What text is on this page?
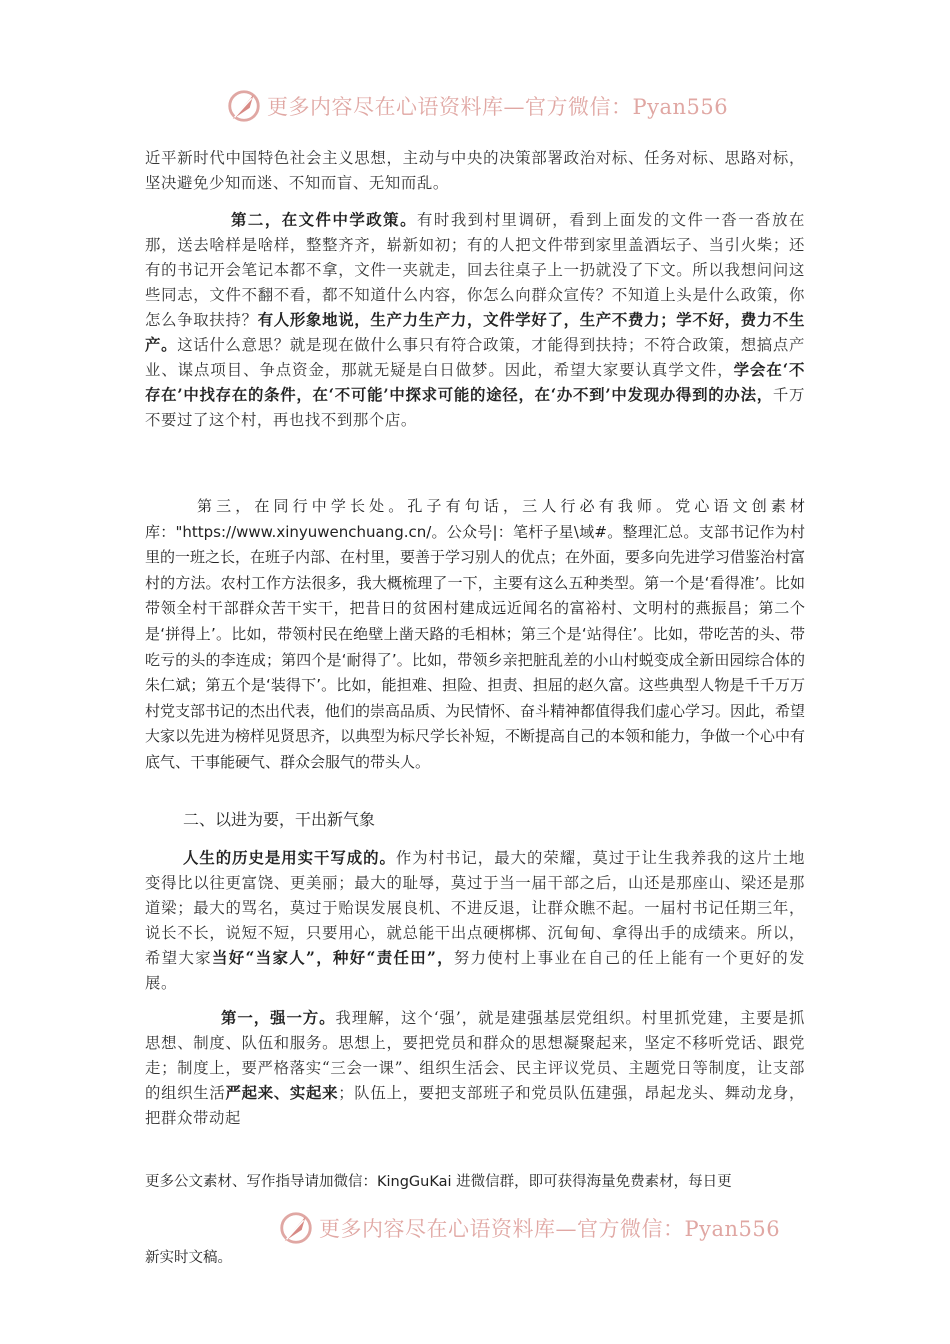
更多内容尽在心语资料库—官方微信：Pyan556

近平新时代中国特色社会主义思想，主动与中央的决策部署政治对标、任务对标、思路对标，坚决避免少知而迷、不知而盲、无知而乱。

第二，在文件中学政策。有时我到村里调研，看到上面发的文件一沓一沓放在那，送去啥样是啥样，整整齐齐，崭新如初；有的人把文件带到家里盖酒坛子、当引火柴；还有的书记开会笔记本都不拿，文件一夹就走，回去往桌子上一扔就没了下文。所以我想问问这些同志，文件不翻不看，都不知道什么内容，你怎么向群众宣传？不知道上头是什么政策，你怎么争取扶持？有人形象地说，生产力生产力，文件学好了，生产不费力；学不好，费力不生产。这话什么意思？就是现在做什么事只有符合政策，才能得到扶持；不符合政策，想搞点产业、谋点项目、争点资金，那就无疑是白日做梦。因此，希望大家要认真学文件，学会在‘不存在’中找存在的条件，在‘不可能’中探求可能的途径，在‘办不到’中发现办得到的办法，千万不要过了这个村，再也找不到那个店。

第三，在同行中学长处。孔子有句话，三人行必有我师。党心语文创素材库："https://www.xinyuwenchuang.cn/。公众号|：笔杆子星\域#。整理汇总。支部书记作为村里的一班之长，在班子内部、在村里，要善于学习别人的优点；在外面，要多向先进学习借鉴治村富村的方法。农村工作方法很多，我大概梳理了一下，主要有这么五种类型。第一个是‘看得准’。比如带领全村干部群众苦干实干，把昔日的贫困村建成远近闻名的富裕村、文明村的燕振昌；第二个是‘拼得上’。比如，带领村民在绝壁上凿天路的毛相林；第三个是‘站得住’。比如，带吃苦的头、带吃亏的头的李连成；第四个是‘耐得了’。比如，带领乡亲把脏乱差的小山村蜕变成全新田园综合体的朱仁斌；第五个是‘装得下’。比如，能担难、担险、担责、担屈的赵久富。这些典型人物是千千万万村党支部书记的杰出代表，他们的崇高品质、为民情怀、奋斗精神都值得我们虚心学习。因此，希望大家以先进为榜样见贤思齐，以典型为标尺学长补短，不断提高自己的本领和能力，争做一个心中有底气、干事能硬气、群众会服气的带头人。

二、以进为要，干出新气象

人生的历史是用实干写成的。作为村书记，最大的荣耀，莫过于让生我养我的这片土地变得比以往更富饶、更美丽；最大的耻辱，莫过于当一届干部之后，山还是那座山、梁还是那道梁；最大的骂名，莫过于贻误发展良机、不进反退，让群众瞧不起。一届村书记任期三年，说长不长，说短不短，只要用心，就总能干出点硬梆梆、沉甸甸、拿得出手的成绩来。所以，希望大家当好“当家人”，种好“责任田”，努力使村上事业在自己的任上能有一个更好的发展。

第一，强一方。我理解，这个‘强’，就是建强基层党组织。村里抓党建，主要是抓思想、制度、队伍和服务。思想上，要把党员和群众的思想凝聚起来，坚定不移听党话、跟党走；制度上，要严格落实“三会一课”、组织生活会、民主评议党员、主题党日等制度，让支部的组织生活严起来、实起来；队伍上，要把支部班子和党员队伍建强，昂起龙头、舞动龙身，把群众带动起

更多公文素材、写作指导请加微信：KingGuKai 进微信群，即可获得海量免费素材，每日更
更多内容尽在心语资料库—官方微信：Pyan556
新实时文稿。
